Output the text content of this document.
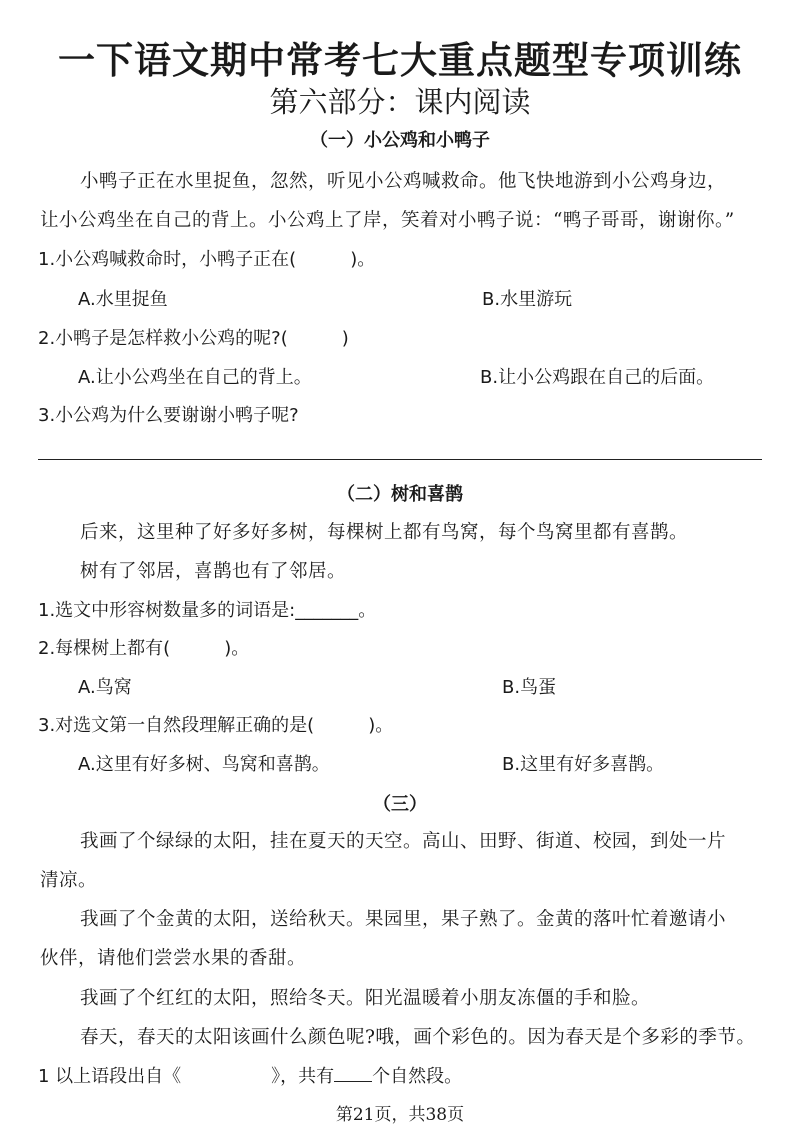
一下语文期中常考七大重点题型专项训练
第六部分：课内阅读
（一）小公鸡和小鸭子
小鸭子正在水里捉鱼，忽然，听见小公鸡喊救命。他飞快地游到小公鸡身边，
让小公鸡坐在自己的背上。小公鸡上了岸，笑着对小鸭子说：“鸭子哥哥，谢谢你。”
1.小公鸡喊救命时，小鸭子正在(　　　)。
A.水里捉鱼	B.水里游玩
2.小鸭子是怎样救小公鸡的呢?(　　　)
A.让小公鸡坐在自己的背上。	B.让小公鸡跟在自己的后面。
3.小公鸡为什么要谢谢小鸭子呢?
（二）树和喜鹊
后来，这里种了好多好多树，每棵树上都有鸟窝，每个鸟窝里都有喜鹊。
树有了邻居，喜鹊也有了邻居。
1.选文中形容树数量多的词语是:_______。
2.每棵树上都有(　　　)。
A.鸟窝	B.鸟蛋
3.对选文第一自然段理解正确的是(　　　)。
A.这里有好多树、鸟窝和喜鹊。	B.这里有好多喜鹊。
（三）
我画了个绿绿的太阳，挂在夏天的天空。高山、田野、街道、校园，到处一片
清凉。
我画了个金黄的太阳，送给秋天。果园里，果子熟了。金黄的落叶忙着邀请小
伙伴，请他们尝尝水果的香甜。
我画了个红红的太阳，照给冬天。阳光温暖着小朋友冻僵的手和脸。
春天，春天的太阳该画什么颜色呢?哦，画个彩色的。因为春天是个多彩的季节。
1 以上语段出自《　　　　　》，共有 个自然段。
第21页，共38页
